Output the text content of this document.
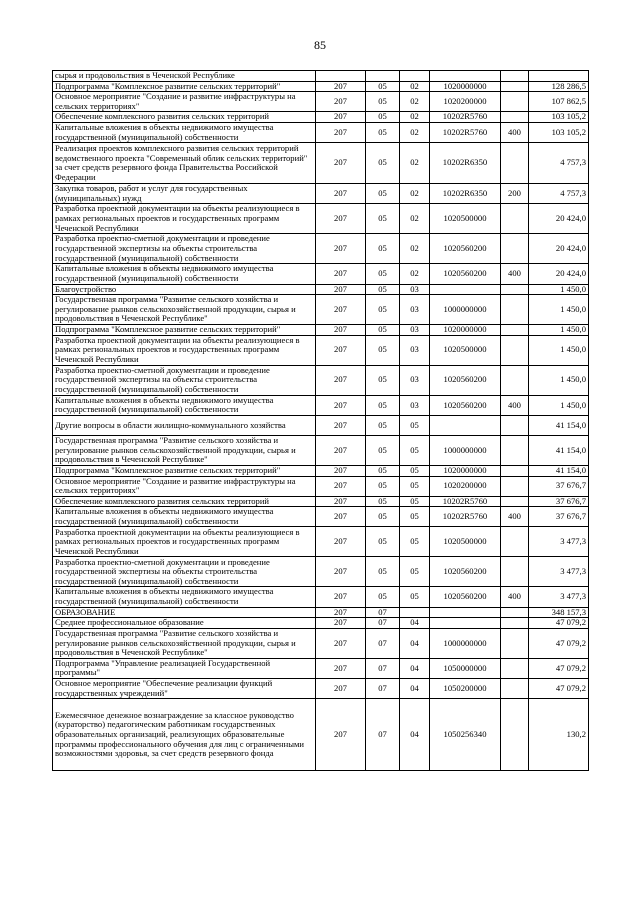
85
сырья и продовольствия в Чеченской Республике						
Подпрограмма "Комплексное развитие сельских территорий"	207	05	02	1020000000		128 286,5
Основное мероприятие "Создание и развитие инфраструктуры на сельских территориях"	207	05	02	1020200000		107 862,5
Обеспечение комплексного развития сельских территорий	207	05	02	10202R5760		103 105,2
Капитальные вложения в объекты недвижимого имущества государственной (муниципальной) собственности	207	05	02	10202R5760	400	103 105,2
Реализация проектов комплексного развития сельских территорий ведомственного проекта "Современный облик сельских территорий" за счет средств резервного фонда Правительства Российской Федерации	207	05	02	10202R6350		4 757,3
Закупка товаров, работ и услуг для государственных (муниципальных) нужд	207	05	02	10202R6350	200	4 757,3
Разработка проектной документации на объекты реализующиеся в рамках региональных проектов и государственных программ Чеченской Республики	207	05	02	1020500000		20 424,0
Разработка проектно-сметной документации и проведение государственной экспертизы на объекты строительства государственной (муниципальной) собственности	207	05	02	1020560200		20 424,0
Капитальные вложения в объекты недвижимого имущества государственной (муниципальной) собственности	207	05	02	1020560200	400	20 424,0
Благоустройство	207	05	03			1 450,0
Государственная программа "Развитие сельского хозяйства и регулирование рынков сельскохозяйственной продукции, сырья и продовольствия в Чеченской Республике"	207	05	03	1000000000		1 450,0
Подпрограмма "Комплексное развитие сельских территорий"	207	05	03	1020000000		1 450,0
Разработка проектной документации на объекты реализующиеся в рамках региональных проектов и государственных программ Чеченской Республики	207	05	03	1020500000		1 450,0
Разработка проектно-сметной документации и проведение государственной экспертизы на объекты строительства государственной (муниципальной) собственности	207	05	03	1020560200		1 450,0
Капитальные вложения в объекты недвижимого имущества государственной (муниципальной) собственности	207	05	03	1020560200	400	1 450,0
Другие вопросы в области жилищно-коммунального хозяйства	207	05	05			41 154,0
Государственная программа "Развитие сельского хозяйства и регулирование рынков сельскохозяйственной продукции, сырья и продовольствия в Чеченской Республике"	207	05	05	1000000000		41 154,0
Подпрограмма "Комплексное развитие сельских территорий"	207	05	05	1020000000		41 154,0
Основное мероприятие "Создание и развитие инфраструктуры на сельских территориях"	207	05	05	1020200000		37 676,7
Обеспечение комплексного развития сельских территорий	207	05	05	10202R5760		37 676,7
Капитальные вложения в объекты недвижимого имущества государственной (муниципальной) собственности	207	05	05	10202R5760	400	37 676,7
Разработка проектной документации на объекты реализующиеся в рамках региональных проектов и государственных программ Чеченской Республики	207	05	05	1020500000		3 477,3
Разработка проектно-сметной документации и проведение государственной экспертизы на объекты строительства государственной (муниципальной) собственности	207	05	05	1020560200		3 477,3
Капитальные вложения в объекты недвижимого имущества государственной (муниципальной) собственности	207	05	05	1020560200	400	3 477,3
ОБРАЗОВАНИЕ	207	07				348 157,3
Среднее профессиональное образование	207	07	04			47 079,2
Государственная программа "Развитие сельского хозяйства и регулирование рынков сельскохозяйственной продукции, сырья и продовольствия в Чеченской Республике"	207	07	04	1000000000		47 079,2
Подпрограмма "Управление реализацией Государственной программы"	207	07	04	1050000000		47 079,2
Основное мероприятие "Обеспечение реализации функций государственных учреждений"	207	07	04	1050200000		47 079,2
Ежемесячное денежное вознаграждение за классное руководство (кураторство) педагогическим работникам государственных образовательных организаций, реализующих образовательные программы профессионального обучения для лиц с ограниченными возможностями здоровья, за счет средств резервного фонда	207	07	04	1050256340		130,2
